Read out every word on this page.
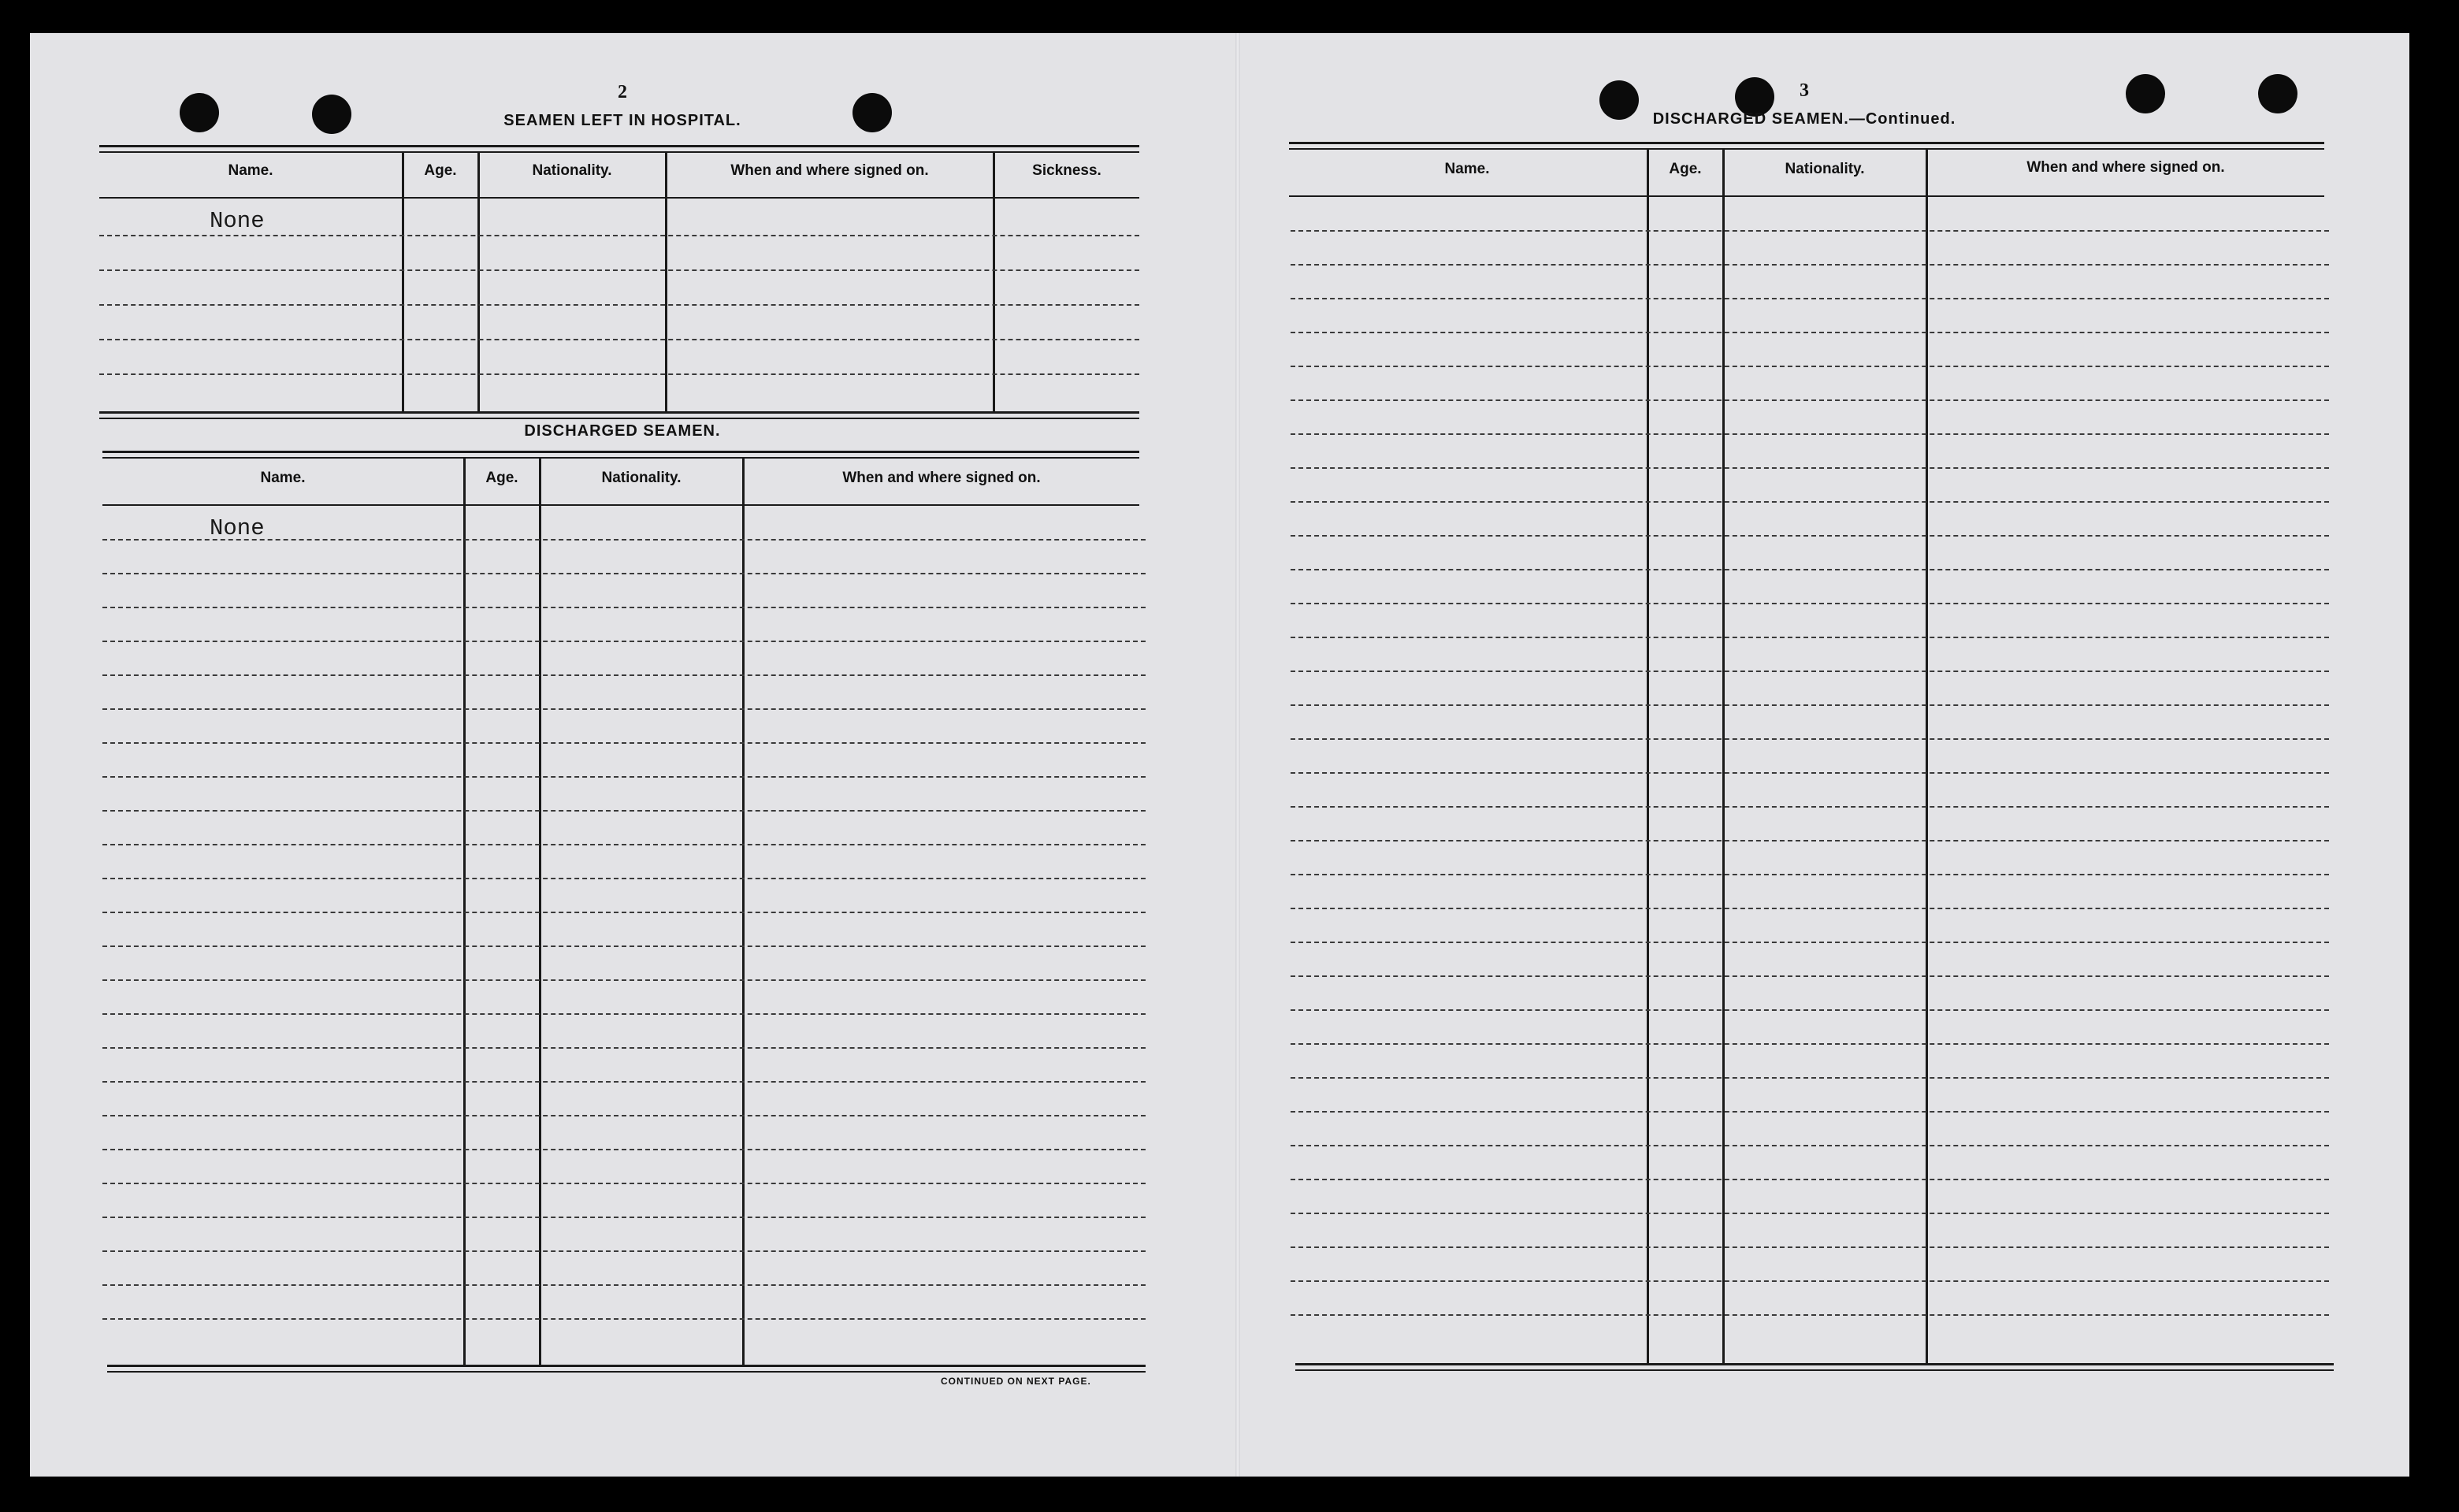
2
SEAMEN LEFT IN HOSPITAL.
Name.	Age.	Nationality.	When and where signed on.	Sickness.
None
DISCHARGED SEAMEN.
Name.	Age.	Nationality.	When and where signed on.
None
CONTINUED ON NEXT PAGE.
3
DISCHARGED SEAMEN.—Continued.
Name.	Age.	Nationality.	When and where signed on.
